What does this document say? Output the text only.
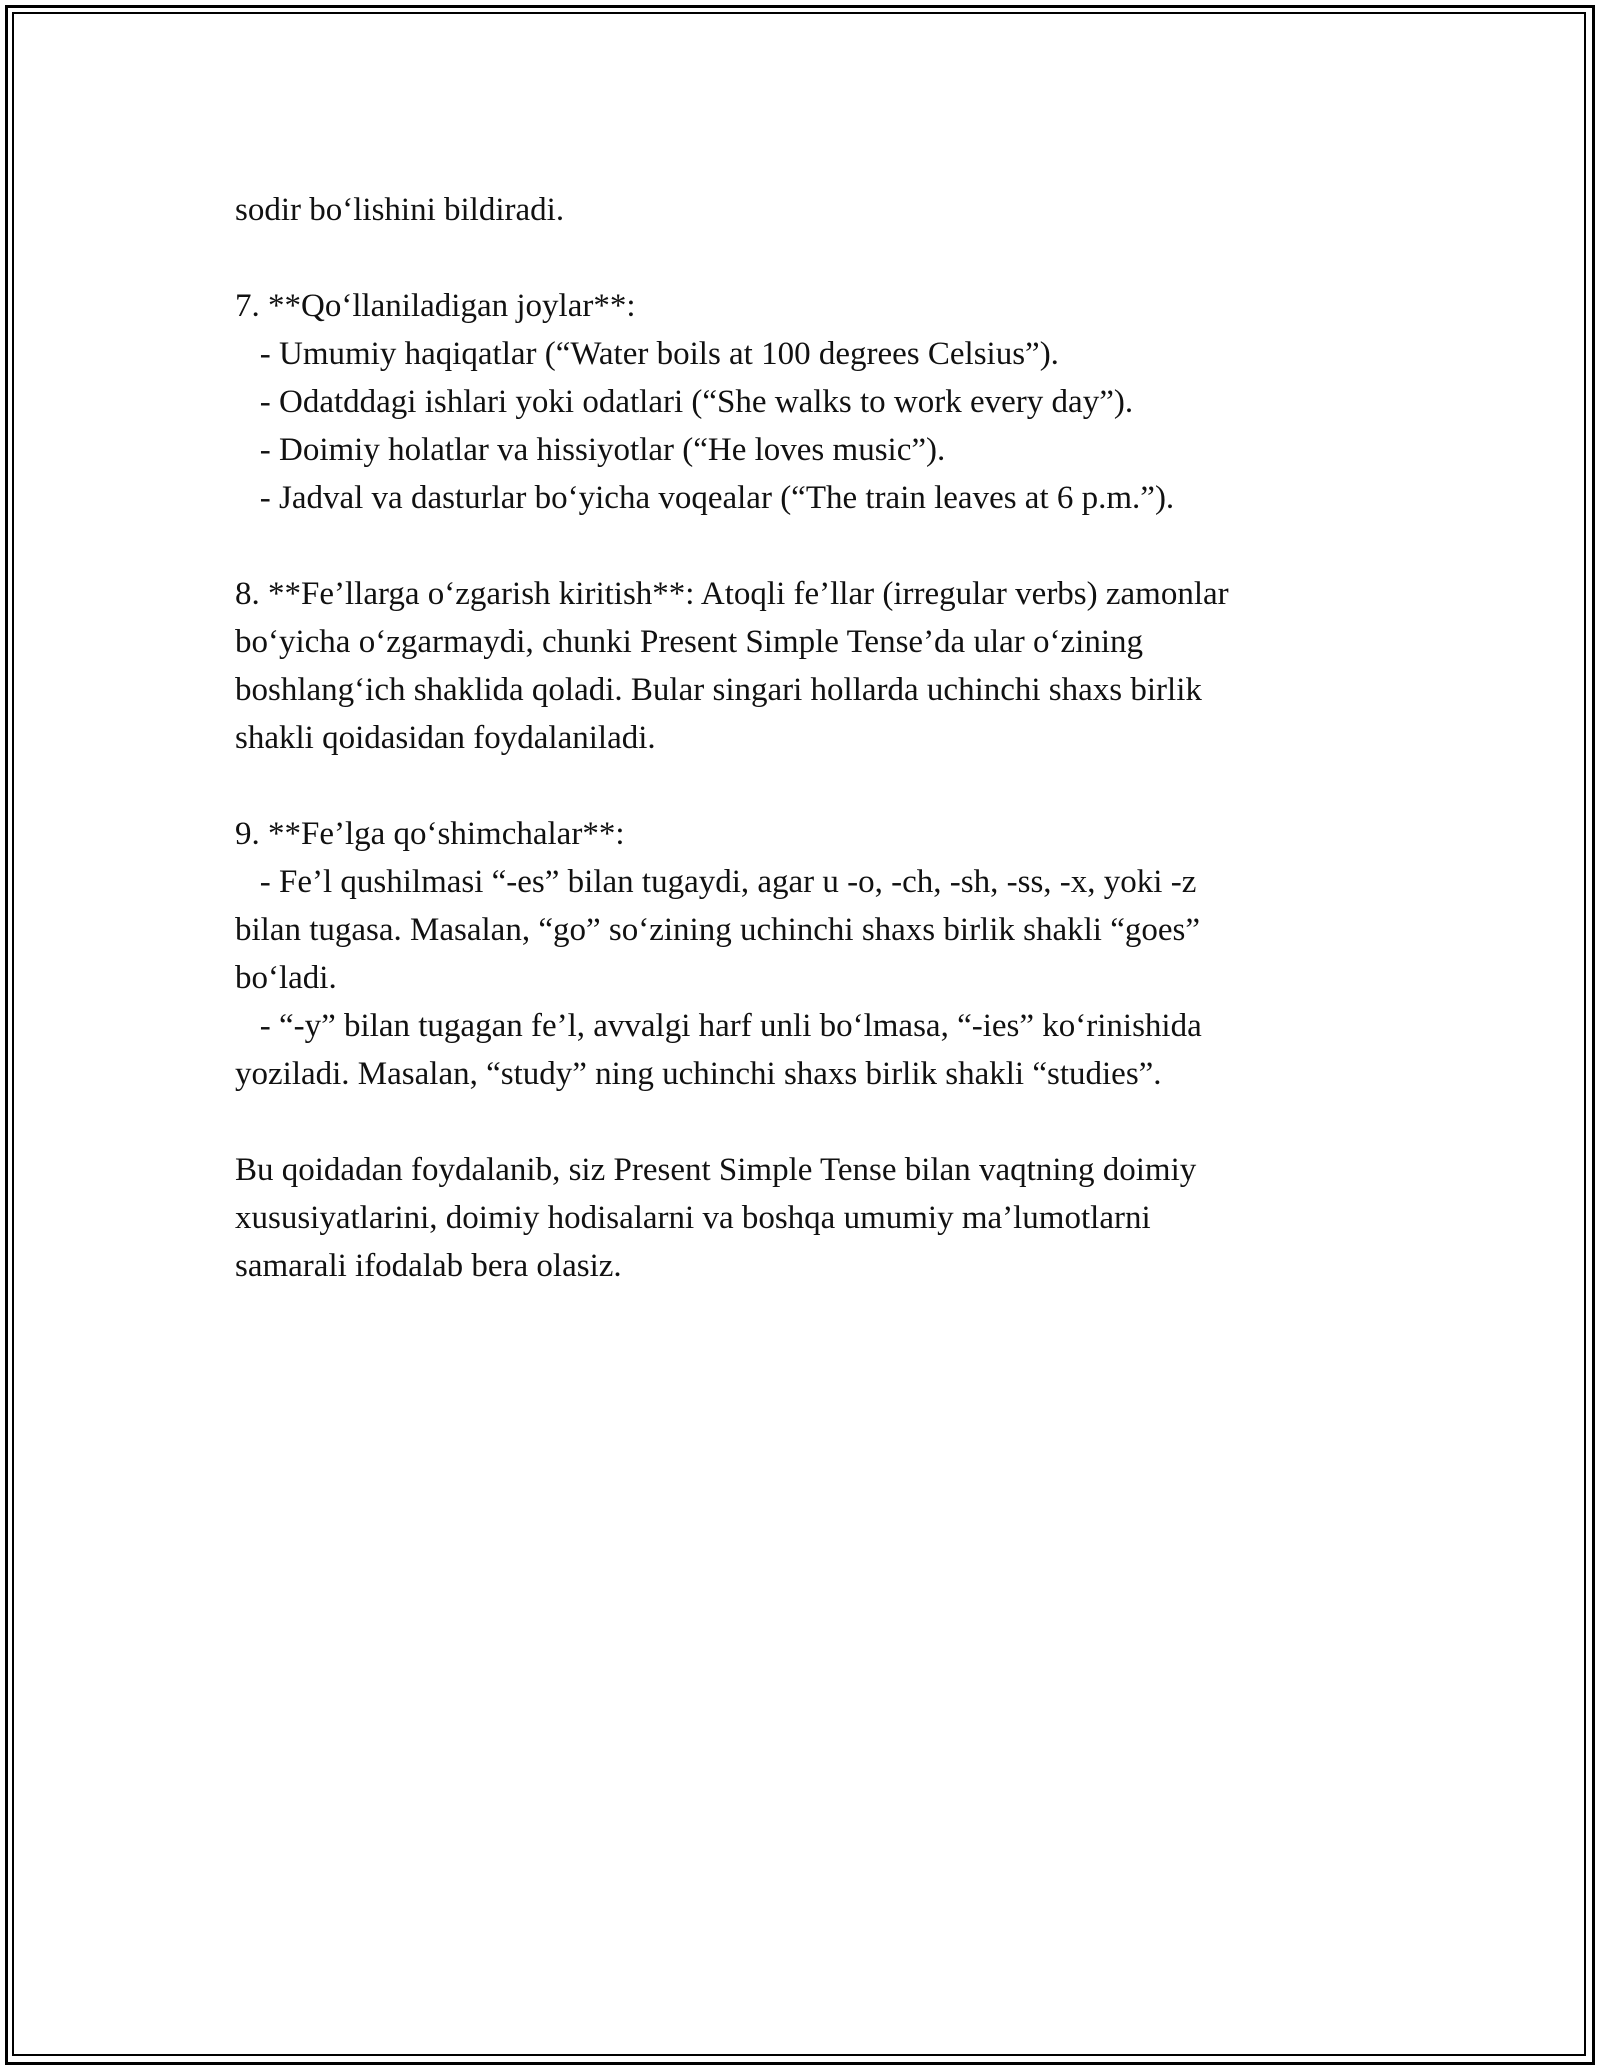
sodir bo‘lishini bildiradi.
7. **Qo‘llaniladigan joylar**:
- Umumiy haqiqatlar (“Water boils at 100 degrees Celsius”).
- Odatddagi ishlari yoki odatlari (“She walks to work every day”).
- Doimiy holatlar va hissiyotlar (“He loves music”).
- Jadval va dasturlar bo‘yicha voqealar (“The train leaves at 6 p.m.”).
8. **Fe’llarga o‘zgarish kiritish**: Atoqli fe’llar (irregular verbs) zamonlar
bo‘yicha o‘zgarmaydi, chunki Present Simple Tense’da ular o‘zining
boshlang‘ich shaklida qoladi. Bular singari hollarda uchinchi shaxs birlik
shakli qoidasidan foydalaniladi.
9. **Fe’lga qo‘shimchalar**:
- Fe’l qushilmasi “-es” bilan tugaydi, agar u -o, -ch, -sh, -ss, -x, yoki -z
bilan tugasa. Masalan, “go” so‘zining uchinchi shaxs birlik shakli “goes”
bo‘ladi.
- “-y” bilan tugagan fe’l, avvalgi harf unli bo‘lmasa, “-ies” ko‘rinishida
yoziladi. Masalan, “study” ning uchinchi shaxs birlik shakli “studies”.
Bu qoidadan foydalanib, siz Present Simple Tense bilan vaqtning doimiy
xususiyatlarini, doimiy hodisalarni va boshqa umumiy ma’lumotlarni
samarali ifodalab bera olasiz.
